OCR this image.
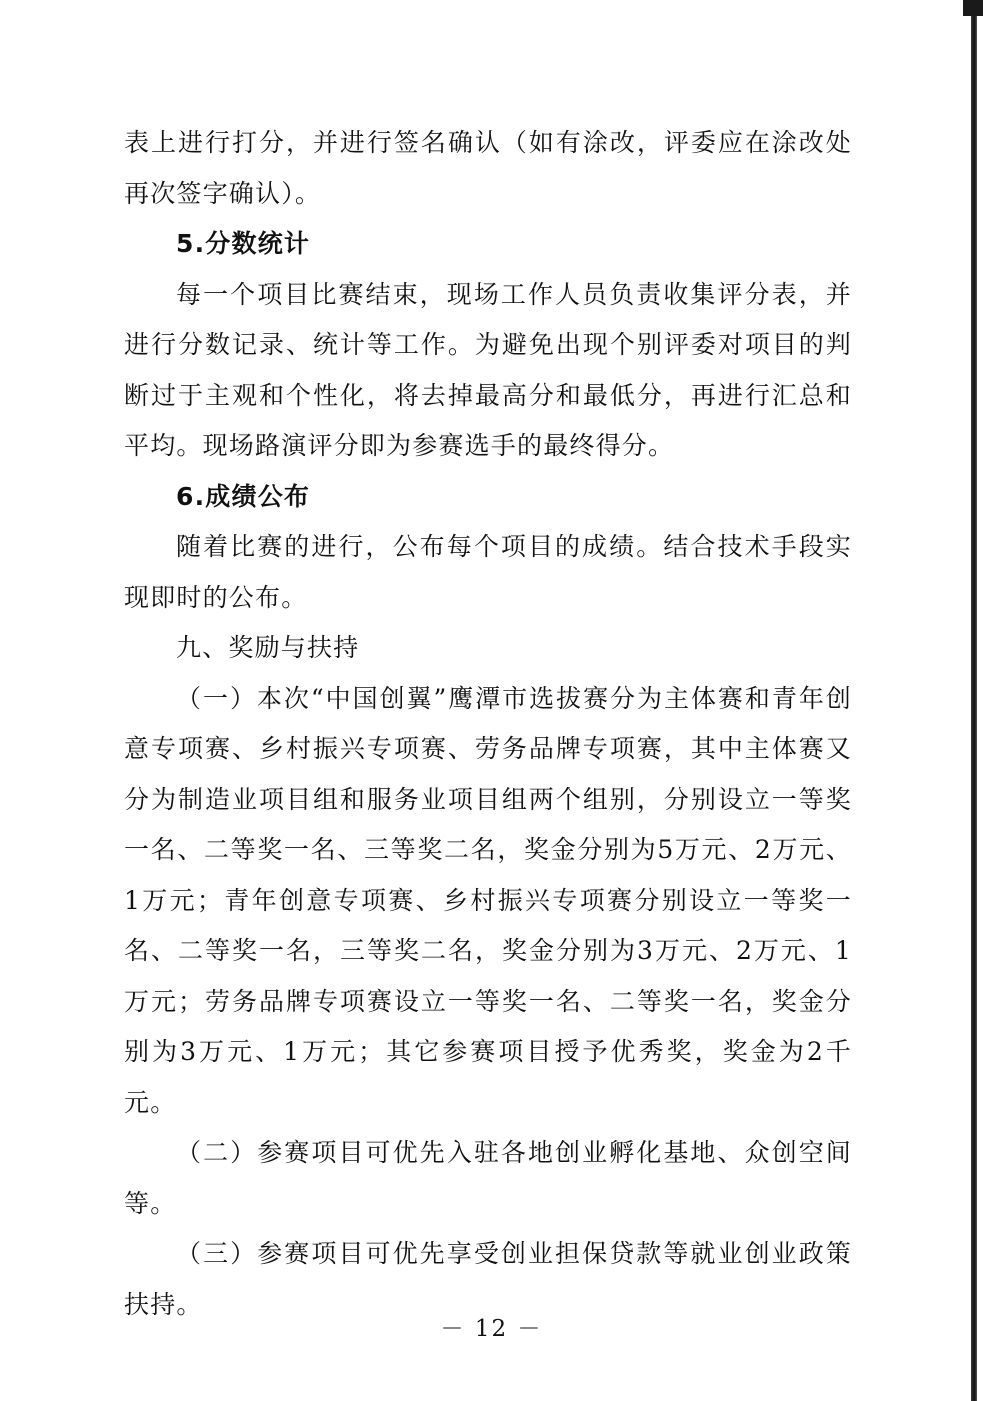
表上进行打分，并进行签名确认（如有涂改，评委应在涂改处再次签字确认）。

5.分数统计

每一个项目比赛结束，现场工作人员负责收集评分表，并进行分数记录、统计等工作。为避免出现个别评委对项目的判断过于主观和个性化，将去掉最高分和最低分，再进行汇总和平均。现场路演评分即为参赛选手的最终得分。

6.成绩公布

随着比赛的进行，公布每个项目的成绩。结合技术手段实现即时的公布。

九、奖励与扶持

（一）本次“中国创翼”鹰潭市选拔赛分为主体赛和青年创意专项赛、乡村振兴专项赛、劳务品牌专项赛，其中主体赛又分为制造业项目组和服务业项目组两个组别，分别设立一等奖一名、二等奖一名、三等奖二名，奖金分别为5万元、2万元、1万元；青年创意专项赛、乡村振兴专项赛分别设立一等奖一名、二等奖一名，三等奖二名，奖金分别为3万元、2万元、1万元；劳务品牌专项赛设立一等奖一名、二等奖一名，奖金分别为3万元、1万元；其它参赛项目授予优秀奖，奖金为2千元。

（二）参赛项目可优先入驻各地创业孵化基地、众创空间等。

（三）参赛项目可优先享受创业担保贷款等就业创业政策扶持。

－ 12 －
